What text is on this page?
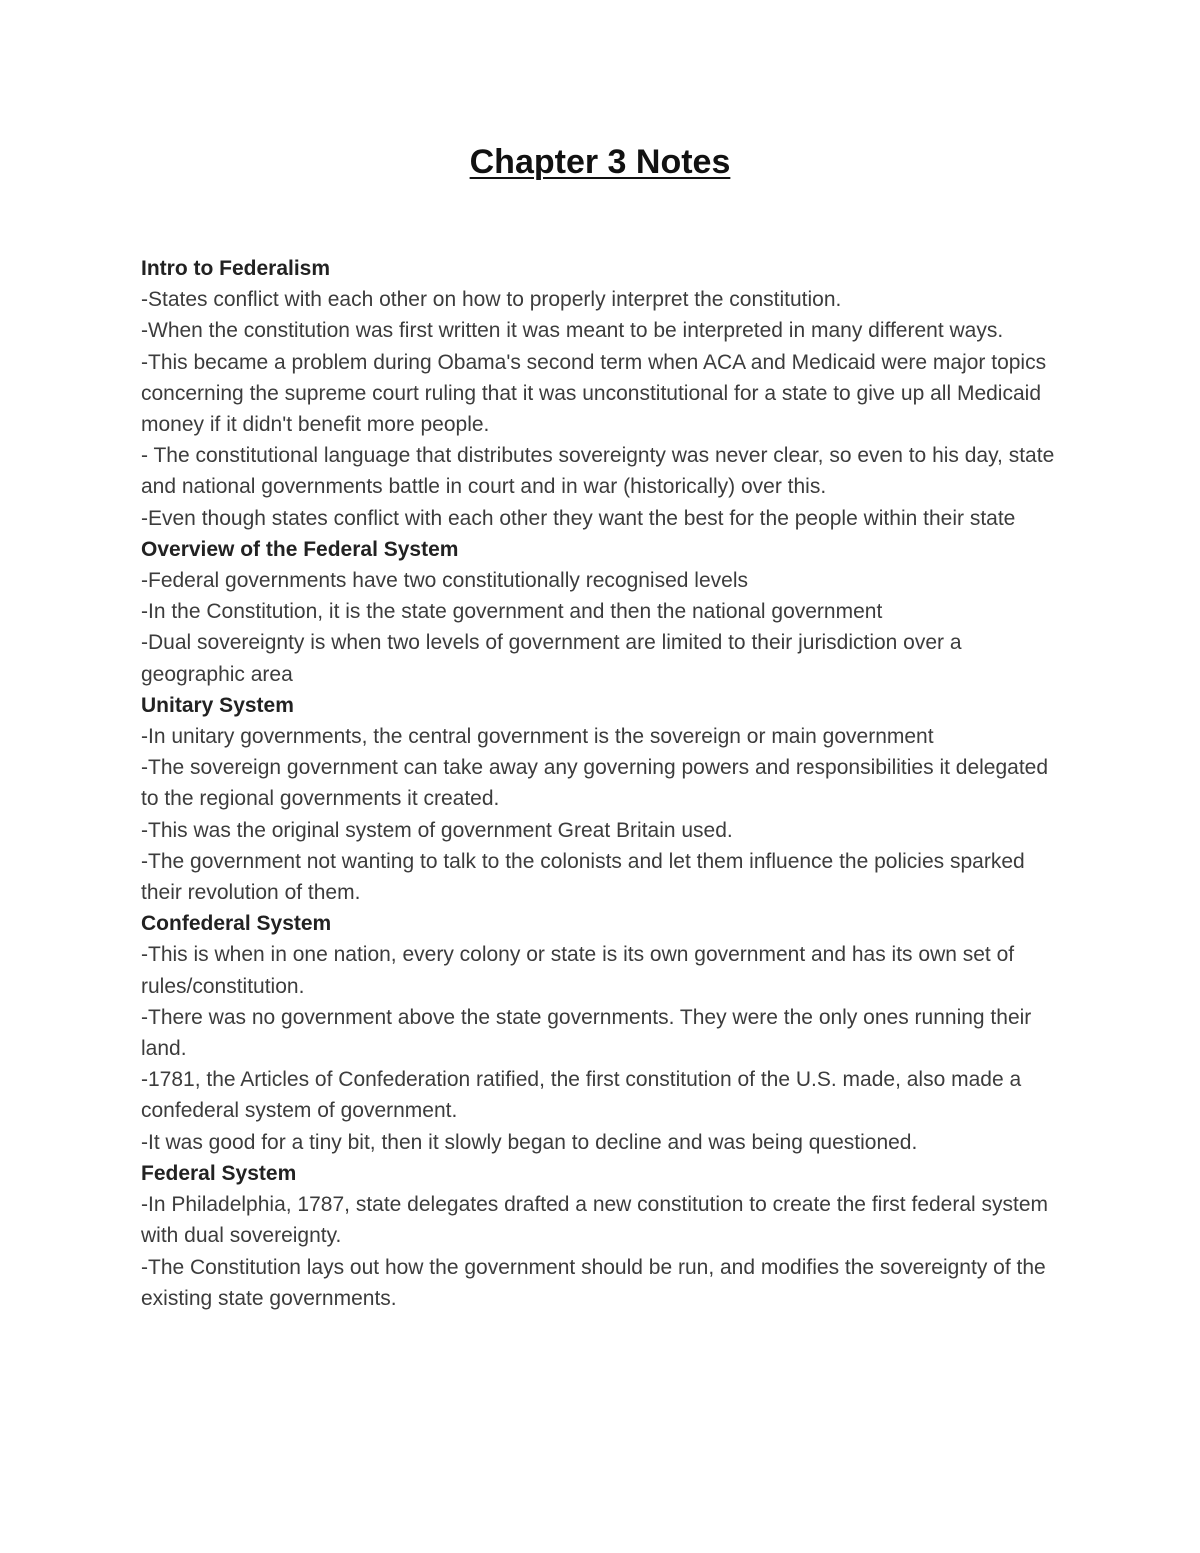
Chapter 3 Notes

Intro to Federalism

-States conflict with each other on how to properly interpret the constitution.

-When the constitution was first written it was meant to be interpreted in many different ways.

-This became a problem during Obama's second term when ACA and Medicaid were major topics concerning the supreme court ruling that it was unconstitutional for a state to give up all Medicaid money if it didn't benefit more people.

- The constitutional language that distributes sovereignty was never clear, so even to his day, state and national governments battle in court and in war (historically) over this.

-Even though states conflict with each other they want the best for the people within their state

Overview of the Federal System

-Federal governments have two constitutionally recognised levels

-In the Constitution, it is the state government and then the national government

-Dual sovereignty is when two levels of government are limited to their jurisdiction over a geographic area

Unitary System

-In unitary governments, the central government is the sovereign or main government

-The sovereign government can take away any governing powers and responsibilities it delegated to the regional governments it created.

-This was the original system of government Great Britain used.

-The government not wanting to talk to the colonists and let them influence the policies sparked their revolution of them.

Confederal System

-This is when in one nation, every colony or state is its own government and has its own set of rules/constitution.

-There was no government above the state governments. They were the only ones running their land.

-1781, the Articles of Confederation ratified, the first constitution of the U.S. made, also made a confederal system of government.

-It was good for a tiny bit, then it slowly began to decline and was being questioned.

Federal System

-In Philadelphia, 1787, state delegates drafted a new constitution to create the first federal system with dual sovereignty.

-The Constitution lays out how the government should be run, and modifies the sovereignty of the existing state governments.
